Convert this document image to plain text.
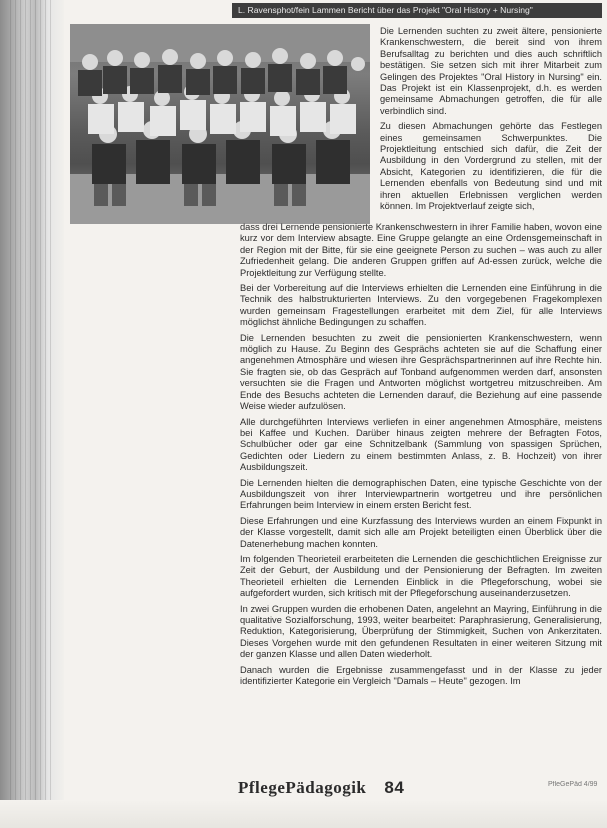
L. Ravensphot/fein Lammen Bericht über das Projekt "Oral History + Nursing"

Die Lernenden suchten zu zweit ältere, pensionierte Krankenschwestern, die bereit sind von ihrem Berufsalltag zu berichten und dies auch schriftlich bestätigen. Sie setzen sich mit ihrer Mitarbeit zum Gelingen des Projektes "Oral History in Nursing" ein. Das Projekt ist ein Klassenprojekt, d.h. es werden gemeinsame Abmachungen getroffen, die für alle verbindlich sind.

Zu diesen Abmachungen gehörte das Festlegen eines gemeinsamen Schwerpunktes. Die Projektleitung entschied sich dafür, die Zeit der Ausbildung in den Vordergrund zu stellen, mit der Absicht, Kategorien zu identifizieren, die für die Lernenden ebenfalls von Bedeutung sind und mit ihren aktuellen Erlebnissen verglichen werden können. Im Projektverlauf zeigte sich,

dass drei Lernende pensionierte Krankenschwestern in ihrer Familie haben, wovon eine kurz vor dem Interview absagte. Eine Gruppe gelangte an eine Ordensgemeinschaft in der Region mit der Bitte, für sie eine geeignete Person zu suchen – was auch zu aller Zufriedenheit gelang. Die anderen Gruppen griffen auf Ad-essen zurück, welche die Projektleitung zur Verfügung stellte.

Bei der Vorbereitung auf die Interviews erhielten die Lernenden eine Einführung in die Technik des halbstrukturierten Interviews. Zu den vorgegebenen Fragekomplexen wurden gemeinsam Fragestellungen erarbeitet mit dem Ziel, für alle Interviews möglichst ähnliche Bedingungen zu schaffen.

Die Lernenden besuchten zu zweit die pensionierten Krankenschwestern, wenn möglich zu Hause. Zu Beginn des Gesprächs achteten sie auf die Schaffung einer angenehmen Atmosphäre und wiesen ihre Gesprächspartnerinnen auf ihre Rechte hin. Sie fragten sie, ob das Gespräch auf Tonband aufgenommen werden darf, ansonsten versuchten sie die Fragen und Antworten möglichst wortgetreu mitzuschreiben. Am Ende des Besuchs achteten die Lernenden darauf, die Beziehung auf eine passende Weise wieder aufzulösen.

Alle durchgeführten Interviews verliefen in einer angenehmen Atmosphäre, meistens bei Kaffee und Kuchen. Darüber hinaus zeigten mehrere der Befragten Fotos, Schulbücher oder gar eine Schnitzelbank (Sammlung von spassigen Sprüchen, Gedichten oder Liedern zu einem bestimmten Anlass, z. B. Hochzeit) von ihrer Ausbildungszeit.

Die Lernenden hielten die demographischen Daten, eine typische Geschichte von der Ausbildungszeit von ihrer Interviewpartnerin wortgetreu und ihre persönlichen Erfahrungen beim Interview in einem ersten Bericht fest.

Diese Erfahrungen und eine Kurzfassung des Interviews wurden an einem Fixpunkt in der Klasse vorgestellt, damit sich alle am Projekt beteiligten einen Überblick über die Datenerhebung machen konnten.

Im folgenden Theorieteil erarbeiteten die Lernenden die geschichtlichen Ereignisse zur Zeit der Geburt, der Ausbildung und der Pensionierung der Befragten. Im zweiten Theorieteil erhielten die Lernenden Einblick in die Pflegeforschung, wobei sie aufgefordert wurden, sich kritisch mit der Pflegeforschung auseinanderzusetzen.

In zwei Gruppen wurden die erhobenen Daten, angelehnt an Mayring, Einführung in die qualitative Sozialforschung, 1993, weiter bearbeitet: Paraphrasierung, Generalisierung, Reduktion, Kategorisierung, Überprüfung der Stimmigkeit, Suchen von Ankerzitaten. Dieses Vorgehen wurde mit den gefundenen Resultaten in einer weiteren Sitzung mit der ganzen Klasse und allen Daten wiederholt.

Danach wurden die Ergebnisse zusammengefasst und in der Klasse zu jeder identifizierter Kategorie ein Vergleich "Damals – Heute" gezogen. Im

PflegePädagogik 84	PfleGePäd 4/99
